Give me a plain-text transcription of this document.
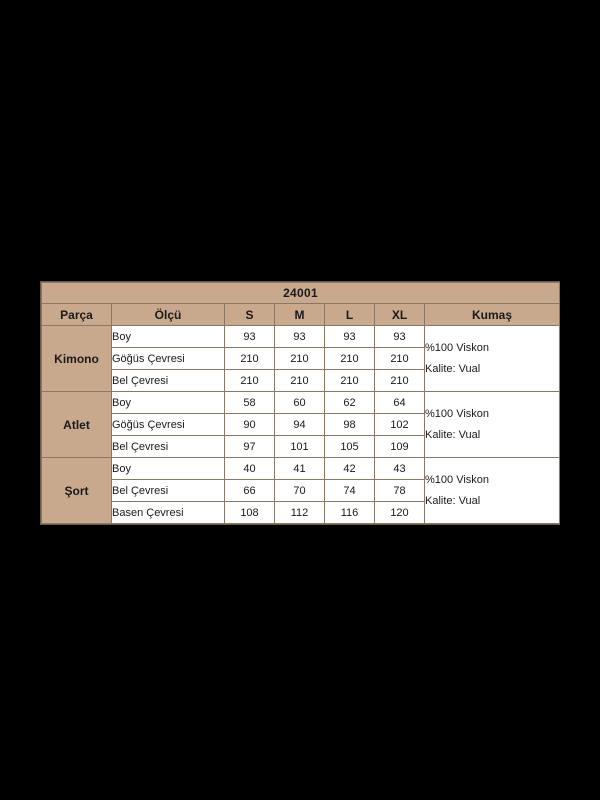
24001						
Parça	Ölçü	S	M	L	XL	Kumaş
Kimono	Boy	93	93	93	93	%100 Viskon
Kalite: Vual

	Göğüs Çevresi	210	210	210	210	
	Bel Çevresi	210	210	210	210	
Atlet	Boy	58	60	62	64	%100 Viskon
Kalite: Vual

	Göğüs Çevresi	90	94	98	102	
	Bel Çevresi	97	101	105	109	
Şort	Boy	40	41	42	43	%100 Viskon
Kalite: Vual

	Bel Çevresi	66	70	74	78	
	Basen Çevresi	108	112	116	120	
